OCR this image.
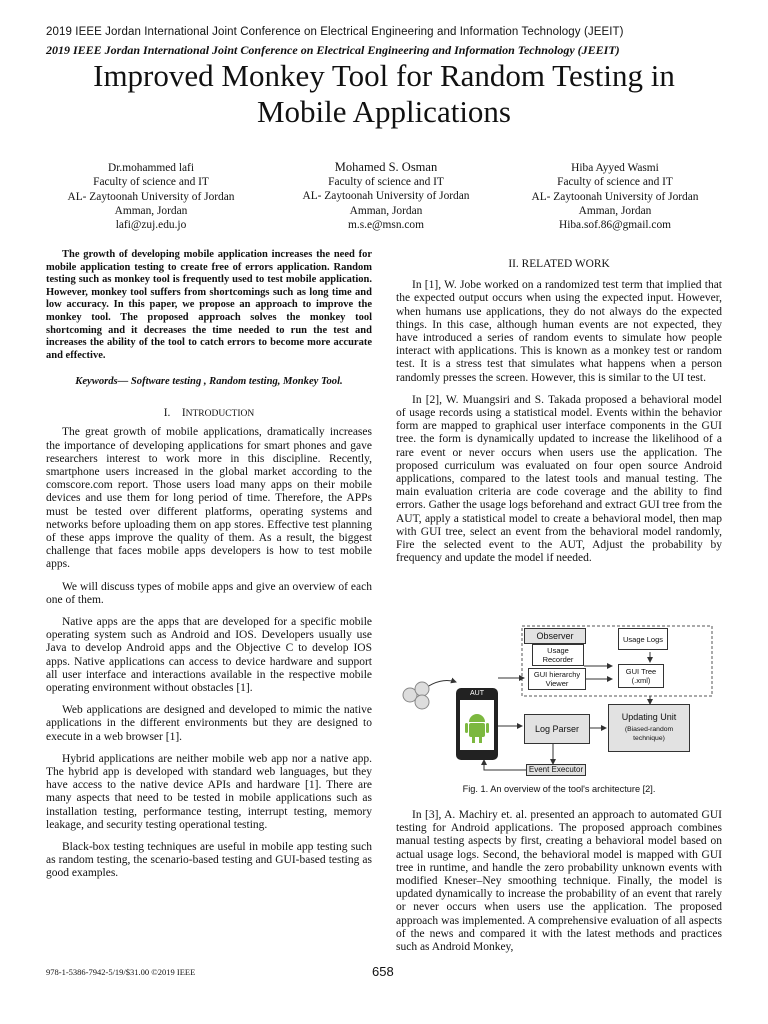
2019 IEEE Jordan International Joint Conference on Electrical Engineering and Information Technology (JEEIT)
2019 IEEE Jordan International Joint Conference on Electrical Engineering and Information Technology (JEEIT)
Improved Monkey Tool for Random Testing in
Mobile Applications
Dr.mohammed lafi
Faculty of science and IT
AL- Zaytoonah University of Jordan
Amman, Jordan
lafi@zuj.edu.jo
Mohamed S. Osman
Faculty of science and IT
AL- Zaytoonah University of Jordan
Amman, Jordan
m.s.e@msn.com
Hiba Ayyed Wasmi
Faculty of science and IT
AL- Zaytoonah University of Jordan
Amman, Jordan
Hiba.sof.86@gmail.com
The growth of developing mobile application increases the need for mobile application testing to create free of errors application. Random testing such as monkey tool is frequently used to test mobile application. However, monkey tool suffers from shortcomings such as long time and low accuracy. In this paper, we propose an approach to improve the monkey tool. The proposed approach solves the monkey tool shortcoming and it decreases the time needed to run the test and increases the ability of the tool to catch errors to become more accurate and effective.
Keywords— Software testing , Random testing, Monkey Tool.
I. INTRODUCTION

The great growth of mobile applications, dramatically increases the importance of developing applications for smart phones and gave researchers interest to work more in this discipline. Recently, smartphone users increased in the global market according to the comscore.com report. Those users load many apps on their mobile devices and use them for long period of time. Therefore, the APPs must be tested over different platforms, operating systems and networks before uploading them on app stores. Effective test planning of these apps improve the quality of them. As a result, the biggest challenge that faces mobile apps developers is how to test mobile apps.

We will discuss types of mobile apps and give an overview of each one of them.

Native apps are the apps that are developed for a specific mobile operating system such as Android and IOS. Developers usually use Java to develop Android apps and the Objective C to develop IOS apps. Native applications can access to device hardware and support all user interface and interactions available in the respective mobile operating environment without obstacles [1].

Web applications are designed and developed to mimic the native applications in the different environments but they are designed to execute in a web browser [1].

Hybrid applications are neither mobile web app nor a native app. The hybrid app is developed with standard web languages, but they have access to the native device APIs and hardware [1]. There are many aspects that need to be tested in mobile applications such as installation testing, performance testing, interrupt testing, memory leakage, and security testing operational testing.

Black-box testing techniques are useful in mobile app testing such as random testing, the scenario-based testing and GUI-based testing as good examples.

II. RELATED WORK

In [1], W. Jobe worked on a randomized test term that implied that the expected output occurs when using the expected input. However, when humans use applications, they do not always do the expected things. In this case, although human events are not expected, they have introduced a series of random events to simulate how people interact with applications. This is known as a monkey test or random test. It is a stress test that simulates what happens when a person randomly presses the screen. However, this is similar to the UI test.

In [2], W. Muangsiri and S. Takada proposed a behavioral model of usage records using a statistical model. Events within the behavior form are mapped to graphical user interface components in the GUI tree. the form is dynamically updated to increase the likelihood of a rare event or never occurs when users use the application. The proposed curriculum was evaluated on four open source Android applications, compared to the latest tools and manual testing. The main evaluation criteria are code coverage and the ability to find errors. Gather the usage logs beforehand and extract GUI tree from the AUT, apply a statistical model to create a behavioral model, then map with GUI tree, select an event from the behavioral model randomly, Fire the selected event to the AUT, Adjust the probability by frequency and update the model if needed.

Observer
Usage Recorder
GUI hierarchy Viewer
Usage Logs
GUI Tree (.xml)
AUT
Log Parser
Updating Unit
(Biased-random technique)
Event Executor
Fig. 1. An overview of the tool's architecture [2].

In [3], A. Machiry et. al. presented an approach to automated GUI testing for Android applications. The proposed approach combines manual testing aspects by first, creating a behavioral model based on actual usage logs. Second, the behavioral model is mapped with GUI tree in runtime, and handle the zero probability unknown events with modified Kneser–Ney smoothing technique. Finally, the model is updated dynamically to increase the probability of an event that rarely or never occurs when users use the application. The proposed approach was implemented. A comprehensive evaluation of all aspects of the news and compared it with the latest methods and practices such as Android Monkey,

978-1-5386-7942-5/19/$31.00 ©2019 IEEE	658
